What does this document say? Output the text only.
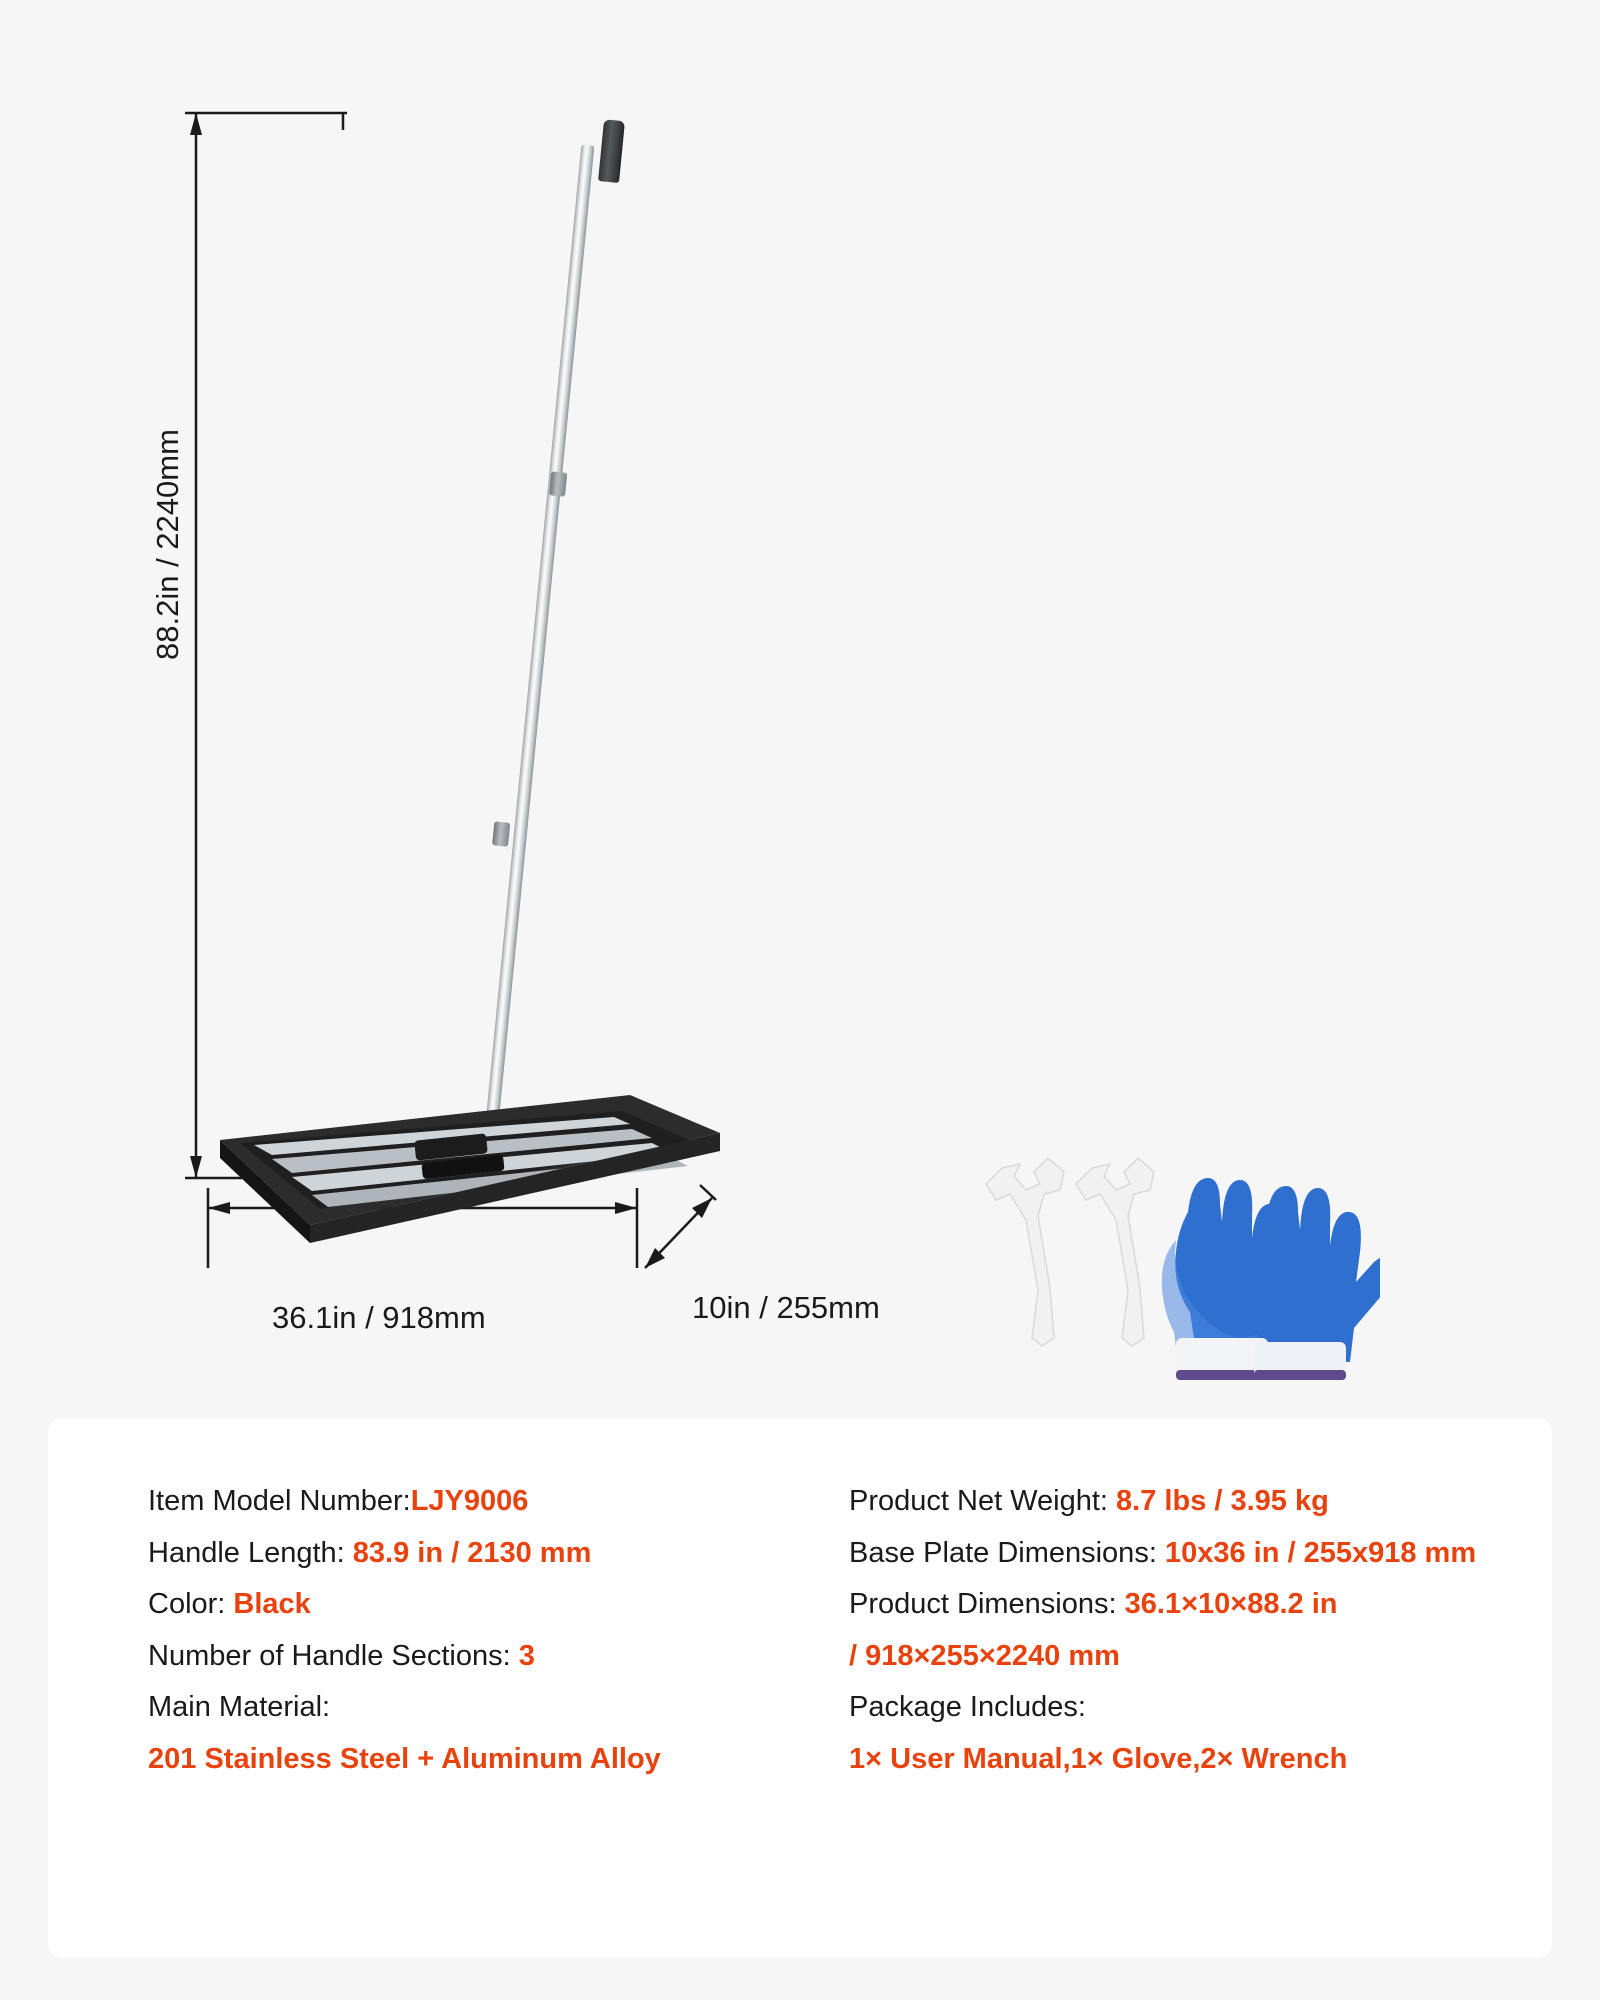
88.2in / 2240mm
36.1in / 918mm	10in / 255mm
Item Model Number:LJY9006
Handle Length: 83.9 in / 2130 mm
Color: Black
Number of Handle Sections: 3
Main Material:
201 Stainless Steel + Aluminum Alloy
Product Net Weight: 8.7 lbs / 3.95 kg
Base Plate Dimensions: 10x36 in / 255x918 mm
Product Dimensions: 36.1×10×88.2 in
/ 918×255×2240 mm
Package Includes:
1× User Manual,1× Glove,2× Wrench
